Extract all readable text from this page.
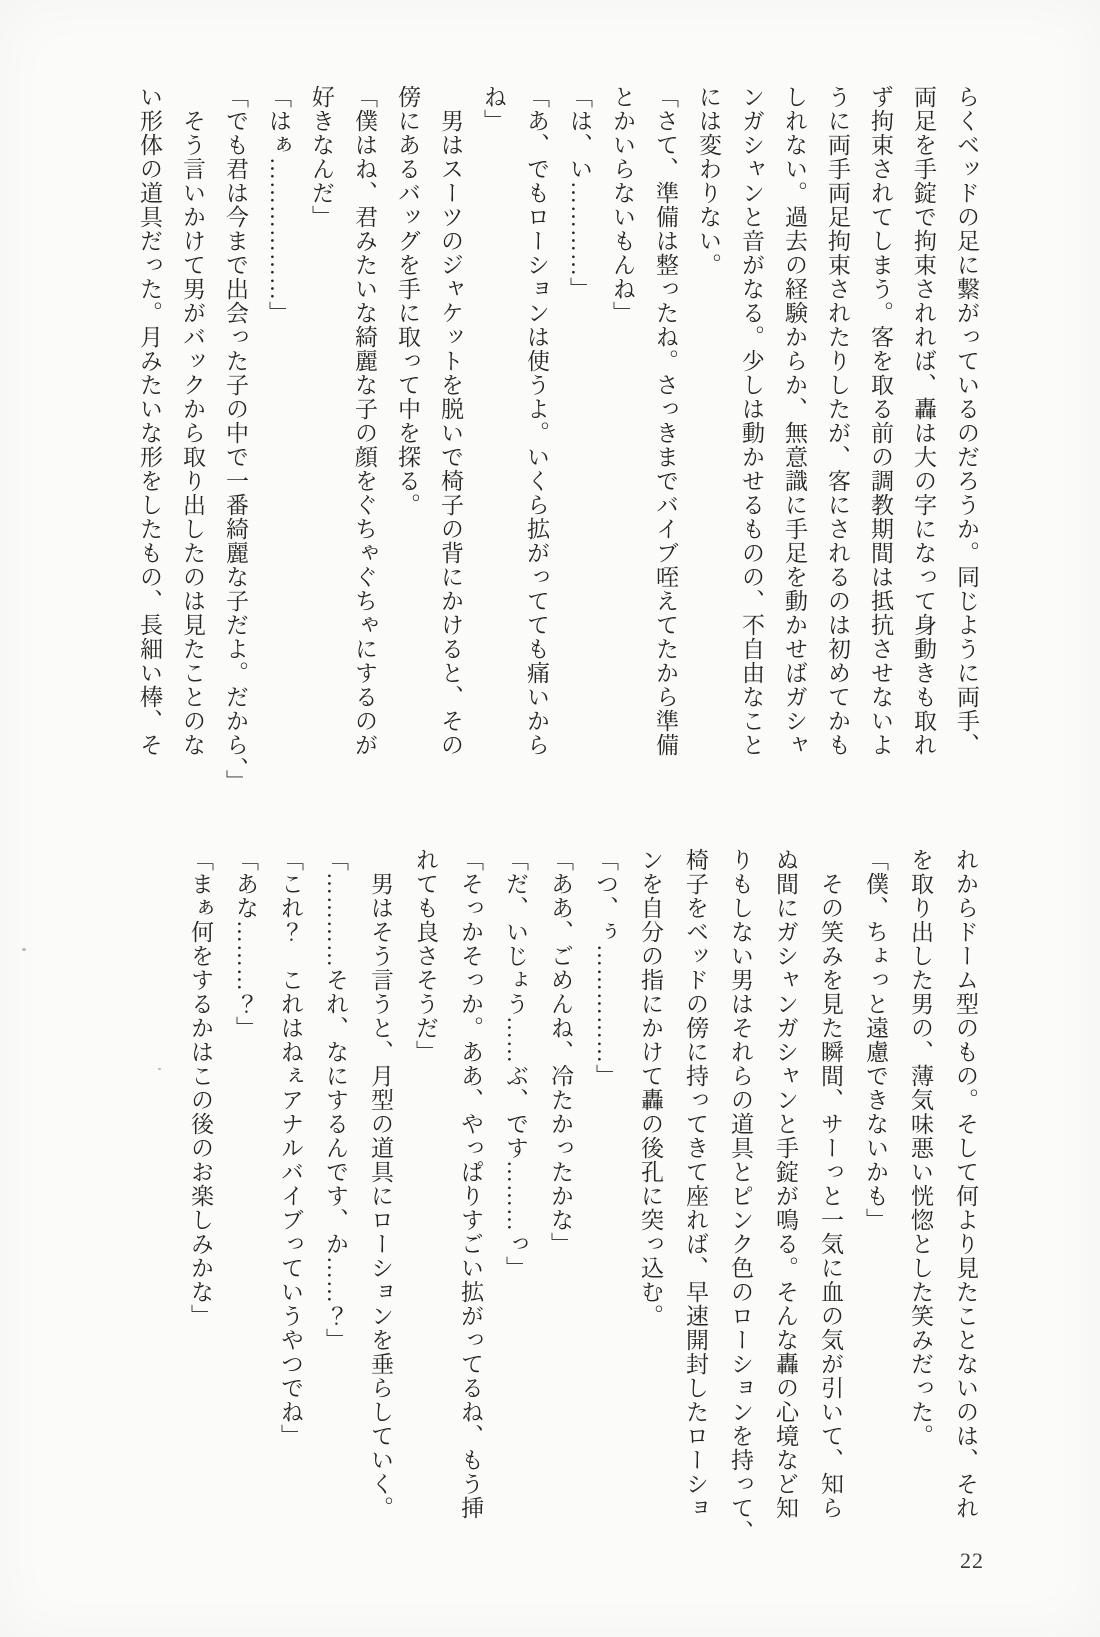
らくベッドの足に繋がっているのだろうか。同じように両手、

両足を手錠で拘束されれば、轟は大の字になって身動きも取れ

ず拘束されてしまう。客を取る前の調教期間は抵抗させないよ

うに両手両足拘束されたりしたが、客にされるのは初めてかも

しれない。過去の経験からか、無意識に手足を動かせばガシャ

ンガシャンと音がなる。少しは動かせるものの、不自由なこと

には変わりない。

「さて、準備は整ったね。さっきまでバイブ咥えてたから準備

とかいらないもんね」

「は、い…………」

「あ、でもローションは使うよ。いくら拡がってても痛いから

ね」

　男はスーツのジャケットを脱いで椅子の背にかけると、その

傍にあるバッグを手に取って中を探る。

「僕はね、君みたいな綺麗な子の顔をぐちゃぐちゃにするのが

好きなんだ」

「はぁ………………」

「でも君は今まで出会った子の中で一番綺麗な子だよ。だから、」

　そう言いかけて男がバックから取り出したのは見たことのな

い形体の道具だった。月みたいな形をしたもの、長細い棒、そ

れからドーム型のもの。そして何より見たことないのは、それ

を取り出した男の、薄気味悪い恍惚とした笑みだった。

「僕、ちょっと遠慮できないかも」

　その笑みを見た瞬間、サーっと一気に血の気が引いて、知ら

ぬ間にガシャンガシャンと手錠が鳴る。そんな轟の心境など知

りもしない男はそれらの道具とピンク色のローションを持って、

椅子をベッドの傍に持ってきて座れば、早速開封したローショ

ンを自分の指にかけて轟の後孔に突っ込む。

「つ、ぅ……………」

「ああ、ごめんね、冷たかったかな」

「だ、いじょう……ぶ、です………っ」

「そっかそっか。ああ、やっぱりすごい拡がってるね、もう挿

れても良さそうだ」

　男はそう言うと、月型の道具にローションを垂らしていく。

「…………それ、なにするんです、か……？」

「これ？　これはねぇアナルバイブっていうやつでね」

「あな………？」

「まぁ何をするかはこの後のお楽しみかな」

22
